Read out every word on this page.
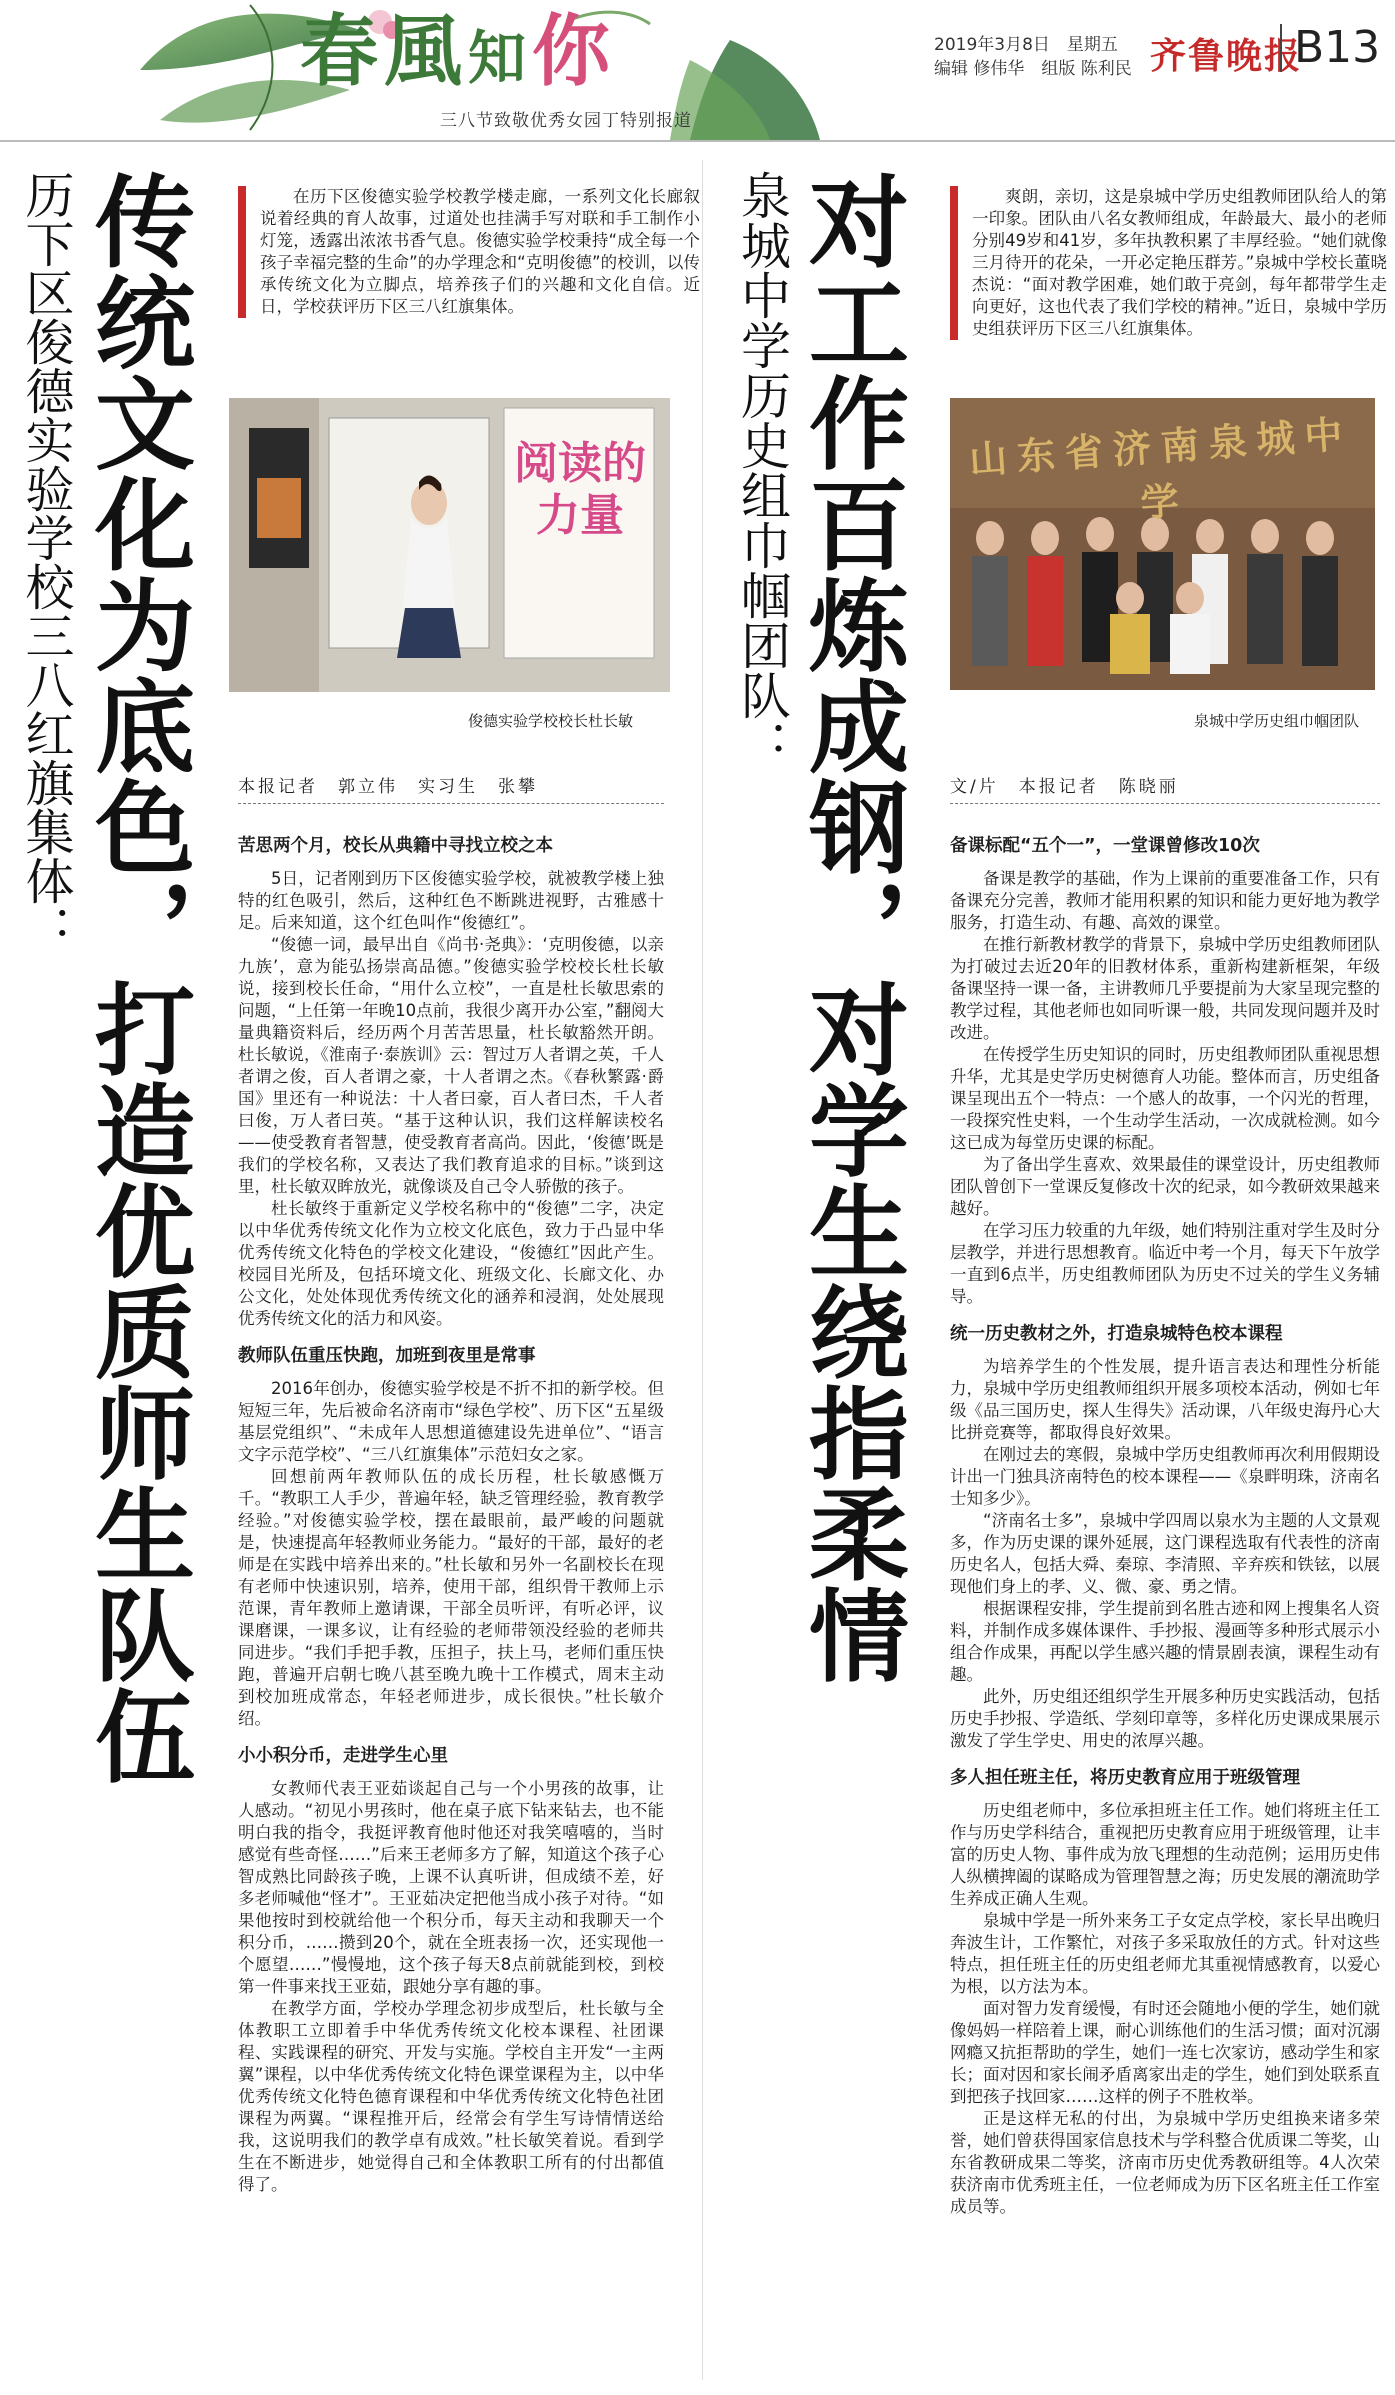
春風知你
三八节致敬优秀女园丁特别报道
2019年3月8日　星期五
编辑 修伟华　组版 陈利民 齐鲁晚报
B13
传统文化为底色，打造优质师生队伍
历下区俊德实验学校三八红旗集体：	在历下区俊德实验学校教学楼走廊，一系列文化长廊叙说着经典的育人故事，过道处也挂满手写对联和手工制作小灯笼，透露出浓浓书香气息。俊德实验学校秉持“成全每一个孩子幸福完整的生命”的办学理念和“克明俊德”的校训，以传承传统文化为立脚点，培养孩子们的兴趣和文化自信。近日，学校获评历下区三八红旗集体。

阅读的力量
俊德实验学校校长杜长敏
本报记者　郭立伟　实习生　张攀
苦思两个月，校长从典籍中寻找立校之本

5日，记者刚到历下区俊德实验学校，就被教学楼上独特的红色吸引，然后，这种红色不断跳进视野，古雅感十足。后来知道，这个红色叫作“俊德红”。

“俊德一词，最早出自《尚书·尧典》：‘克明俊德，以亲九族’，意为能弘扬崇高品德。”俊德实验学校校长杜长敏说，接到校长任命，“用什么立校”，一直是杜长敏思索的问题，“上任第一年晚10点前，我很少离开办公室，”翻阅大量典籍资料后，经历两个月苦苦思量，杜长敏豁然开朗。杜长敏说，《淮南子·泰族训》云：智过万人者谓之英，千人者谓之俊，百人者谓之豪，十人者谓之杰。《春秋繁露·爵国》里还有一种说法：十人者曰豪，百人者曰杰，千人者曰俊，万人者曰英。“基于这种认识，我们这样解读校名——使受教育者智慧，使受教育者高尚。因此，‘俊德’既是我们的学校名称，又表达了我们教育追求的目标。”谈到这里，杜长敏双眸放光，就像谈及自己令人骄傲的孩子。

杜长敏终于重新定义学校名称中的“俊德”二字，决定以中华优秀传统文化作为立校文化底色，致力于凸显中华优秀传统文化特色的学校文化建设，“俊德红”因此产生。校园目光所及，包括环境文化、班级文化、长廊文化、办公文化，处处体现优秀传统文化的涵养和浸润，处处展现优秀传统文化的活力和风姿。

教师队伍重压快跑，加班到夜里是常事

2016年创办，俊德实验学校是不折不扣的新学校。但短短三年，先后被命名济南市“绿色学校”、历下区“五星级基层党组织”、“未成年人思想道德建设先进单位”、“语言文字示范学校”、“三八红旗集体”示范妇女之家。

回想前两年教师队伍的成长历程，杜长敏感慨万千。“教职工人手少，普遍年轻，缺乏管理经验，教育教学经验。”对俊德实验学校，摆在最眼前，最严峻的问题就是，快速提高年轻教师业务能力。“最好的干部，最好的老师是在实践中培养出来的。”杜长敏和另外一名副校长在现有老师中快速识别，培养，使用干部，组织骨干教师上示范课，青年教师上邀请课，干部全员听评，有听必评，议课磨课，一课多议，让有经验的老师带领没经验的老师共同进步。“我们手把手教，压担子，扶上马，老师们重压快跑，普遍开启朝七晚八甚至晚九晚十工作模式，周末主动到校加班成常态，年轻老师进步，成长很快。”杜长敏介绍。

小小积分币，走进学生心里

女教师代表王亚茹谈起自己与一个小男孩的故事，让人感动。“初见小男孩时，他在桌子底下钻来钻去，也不能明白我的指令，我挺评教育他时他还对我笑嘻嘻的，当时感觉有些奇怪……”后来王老师多方了解，知道这个孩子心智成熟比同龄孩子晚，上课不认真听讲，但成绩不差，好多老师喊他“怪才”。王亚茹决定把他当成小孩子对待。“如果他按时到校就给他一个积分币，每天主动和我聊天一个积分币，……攒到20个，就在全班表扬一次，还实现他一个愿望……”慢慢地，这个孩子每天8点前就能到校，到校第一件事来找王亚茹，跟她分享有趣的事。

在教学方面，学校办学理念初步成型后，杜长敏与全体教职工立即着手中华优秀传统文化校本课程、社团课程、实践课程的研究、开发与实施。学校自主开发“一主两翼”课程，以中华优秀传统文化特色课堂课程为主，以中华优秀传统文化特色德育课程和中华优秀传统文化特色社团课程为两翼。“课程推开后，经常会有学生写诗情情送给我，这说明我们的教学卓有成效。”杜长敏笑着说。看到学生在不断进步，她觉得自己和全体教职工所有的付出都值得了。

对工作百炼成钢，对学生绕指柔情
泉城中学历史组巾帼团队：	爽朗，亲切，这是泉城中学历史组教师团队给人的第一印象。团队由八名女教师组成，年龄最大、最小的老师分别49岁和41岁，多年执教积累了丰厚经验。“她们就像三月待开的花朵，一开必定艳压群芳。”泉城中学校长董晓杰说：“面对教学困难，她们敢于亮剑，每年都带学生走向更好，这也代表了我们学校的精神。”近日，泉城中学历史组获评历下区三八红旗集体。

山东省济南泉城中学
泉城中学历史组巾帼团队
文/片　本报记者　陈晓丽
备课标配“五个一”，一堂课曾修改10次

备课是教学的基础，作为上课前的重要准备工作，只有备课充分完善，教师才能用积累的知识和能力更好地为教学服务，打造生动、有趣、高效的课堂。

在推行新教材教学的背景下，泉城中学历史组教师团队为打破过去近20年的旧教材体系，重新构建新框架，年级备课坚持一课一备，主讲教师几乎要提前为大家呈现完整的教学过程，其他老师也如同听课一般，共同发现问题并及时改进。

在传授学生历史知识的同时，历史组教师团队重视思想升华，尤其是史学历史树德育人功能。整体而言，历史组备课呈现出五个一特点：一个感人的故事，一个闪光的哲理，一段探究性史料，一个生动学生活动，一次成就检测。如今这已成为每堂历史课的标配。

为了备出学生喜欢、效果最佳的课堂设计，历史组教师团队曾创下一堂课反复修改十次的纪录，如今教研效果越来越好。

在学习压力较重的九年级，她们特别注重对学生及时分层教学，并进行思想教育。临近中考一个月，每天下午放学一直到6点半，历史组教师团队为历史不过关的学生义务辅导。

统一历史教材之外，打造泉城特色校本课程

为培养学生的个性发展，提升语言表达和理性分析能力，泉城中学历史组教师组织开展多项校本活动，例如七年级《品三国历史，探人生得失》活动课，八年级史海丹心大比拼竞赛等，都取得良好效果。

在刚过去的寒假，泉城中学历史组教师再次利用假期设计出一门独具济南特色的校本课程——《泉畔明珠，济南名士知多少》。

“济南名士多”，泉城中学四周以泉水为主题的人文景观多，作为历史课的课外延展，这门课程选取有代表性的济南历史名人，包括大舜、秦琼、李清照、辛弃疾和铁铉，以展现他们身上的孝、义、微、豪、勇之情。

根据课程安排，学生提前到名胜古迹和网上搜集名人资料，并制作成多媒体课件、手抄报、漫画等多种形式展示小组合作成果，再配以学生感兴趣的情景剧表演，课程生动有趣。

此外，历史组还组织学生开展多种历史实践活动，包括历史手抄报、学造纸、学刻印章等，多样化历史课成果展示激发了学生学史、用史的浓厚兴趣。

多人担任班主任，将历史教育应用于班级管理

历史组老师中，多位承担班主任工作。她们将班主任工作与历史学科结合，重视把历史教育应用于班级管理，让丰富的历史人物、事件成为放飞理想的生动范例；运用历史伟人纵横捭阖的谋略成为管理智慧之海；历史发展的潮流助学生养成正确人生观。

泉城中学是一所外来务工子女定点学校，家长早出晚归奔波生计，工作繁忙，对孩子多采取放任的方式。针对这些特点，担任班主任的历史组老师尤其重视情感教育，以爱心为根，以方法为本。

面对智力发育缓慢，有时还会随地小便的学生，她们就像妈妈一样陪着上课，耐心训练他们的生活习惯；面对沉溺网瘾又抗拒帮助的学生，她们一连七次家访，感动学生和家长；面对因和家长闹矛盾离家出走的学生，她们到处联系直到把孩子找回家……这样的例子不胜枚举。

正是这样无私的付出，为泉城中学历史组换来诸多荣誉，她们曾获得国家信息技术与学科整合优质课二等奖，山东省教研成果二等奖，济南市历史优秀教研组等。4人次荣获济南市优秀班主任，一位老师成为历下区名班主任工作室成员等。
